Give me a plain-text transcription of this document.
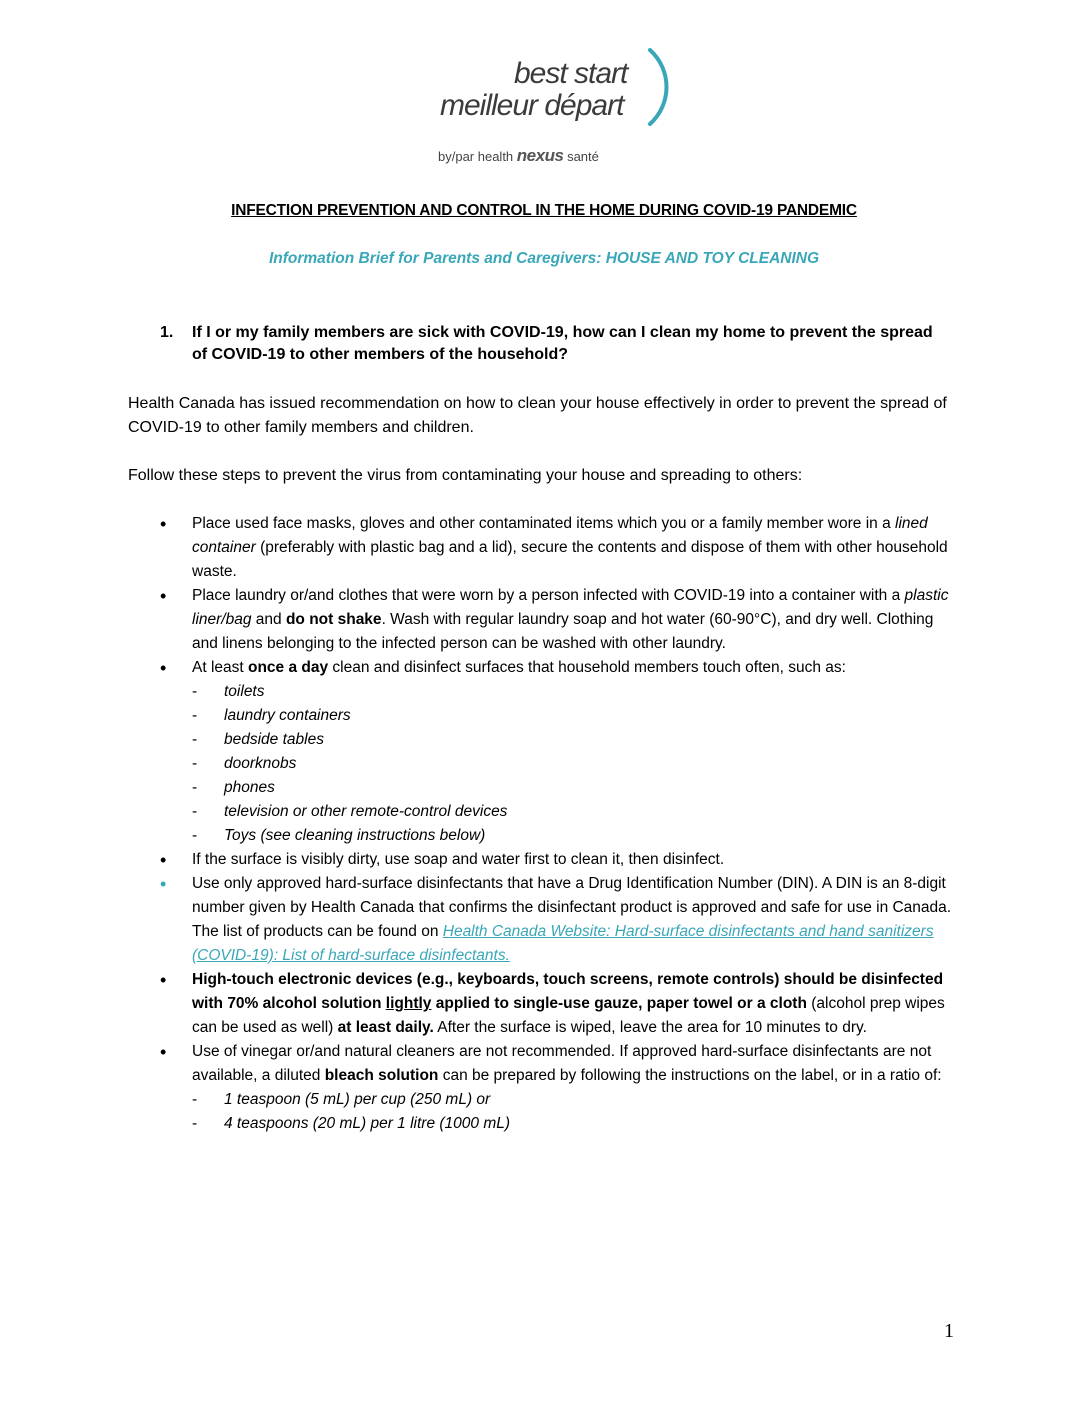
best start
meilleur départ
by/par health nexus santé
INFECTION PREVENTION AND CONTROL IN THE HOME DURING COVID-19 PANDEMIC
Information Brief for Parents and Caregivers: HOUSE AND TOY CLEANING
1. If I or my family members are sick with COVID-19, how can I clean my home to prevent the spread of COVID-19 to other members of the household?
Health Canada has issued recommendation on how to clean your house effectively in order to prevent the spread of COVID-19 to other family members and children.
Follow these steps to prevent the virus from contaminating your house and spreading to others:
• Place used face masks, gloves and other contaminated items which you or a family member wore in a lined container (preferably with plastic bag and a lid), secure the contents and dispose of them with other household waste.
• Place laundry or/and clothes that were worn by a person infected with COVID-19 into a container with a plastic liner/bag and do not shake. Wash with regular laundry soap and hot water (60-90°C), and dry well. Clothing and linens belonging to the infected person can be washed with other laundry.
• At least once a day clean and disinfect surfaces that household members touch often, such as:
- toilets
- laundry containers
- bedside tables
- doorknobs
- phones
- television or other remote-control devices
- Toys (see cleaning instructions below)
• If the surface is visibly dirty, use soap and water first to clean it, then disinfect.
• Use only approved hard-surface disinfectants that have a Drug Identification Number (DIN). A DIN is an 8-digit number given by Health Canada that confirms the disinfectant product is approved and safe for use in Canada. The list of products can be found on Health Canada Website: Hard-surface disinfectants and hand sanitizers (COVID-19): List of hard-surface disinfectants.
• High-touch electronic devices (e.g., keyboards, touch screens, remote controls) should be disinfected with 70% alcohol solution lightly applied to single-use gauze, paper towel or a cloth (alcohol prep wipes can be used as well) at least daily. After the surface is wiped, leave the area for 10 minutes to dry.
• Use of vinegar or/and natural cleaners are not recommended. If approved hard-surface disinfectants are not available, a diluted bleach solution can be prepared by following the instructions on the label, or in a ratio of:
- 1 teaspoon (5 mL) per cup (250 mL) or
- 4 teaspoons (20 mL) per 1 litre (1000 mL)
1
